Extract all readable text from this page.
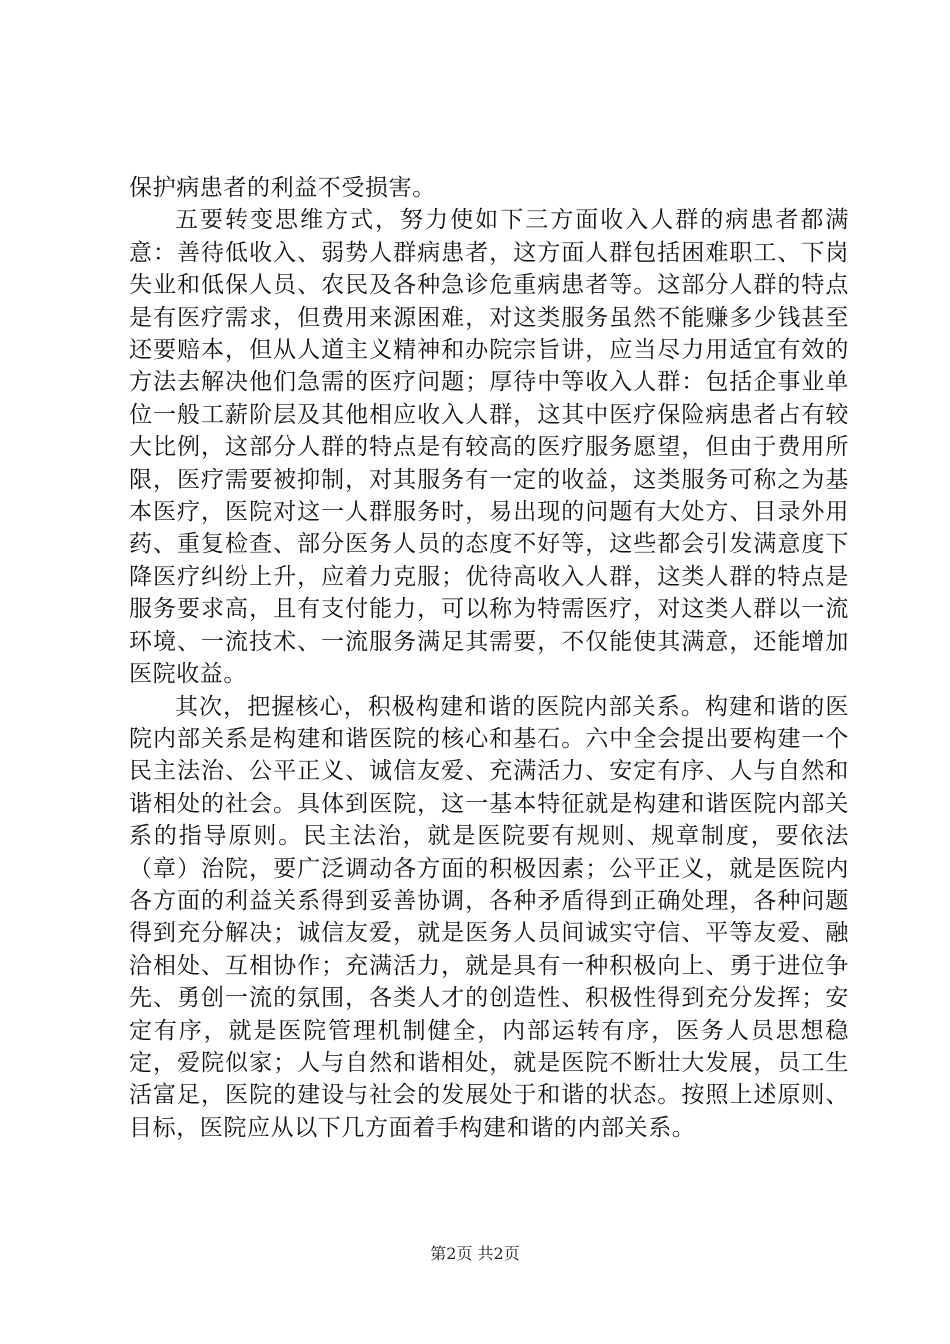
保护病患者的利益不受损害。

五要转变思维方式，努力使如下三方面收入人群的病患者都满意：善待低收入、弱势人群病患者，这方面人群包括困难职工、下岗失业和低保人员、农民及各种急诊危重病患者等。这部分人群的特点是有医疗需求，但费用来源困难，对这类服务虽然不能赚多少钱甚至还要赔本，但从人道主义精神和办院宗旨讲，应当尽力用适宜有效的方法去解决他们急需的医疗问题；厚待中等收入人群：包括企事业单位一般工薪阶层及其他相应收入人群，这其中医疗保险病患者占有较大比例，这部分人群的特点是有较高的医疗服务愿望，但由于费用所限，医疗需要被抑制，对其服务有一定的收益，这类服务可称之为基本医疗，医院对这一人群服务时，易出现的问题有大处方、目录外用药、重复检查、部分医务人员的态度不好等，这些都会引发满意度下降医疗纠纷上升，应着力克服；优待高收入人群，这类人群的特点是服务要求高，且有支付能力，可以称为特需医疗，对这类人群以一流环境、一流技术、一流服务满足其需要，不仅能使其满意，还能增加医院收益。

其次，把握核心，积极构建和谐的医院内部关系。构建和谐的医院内部关系是构建和谐医院的核心和基石。六中全会提出要构建一个民主法治、公平正义、诚信友爱、充满活力、安定有序、人与自然和谐相处的社会。具体到医院，这一基本特征就是构建和谐医院内部关系的指导原则。民主法治，就是医院要有规则、规章制度，要依法（章）治院，要广泛调动各方面的积极因素；公平正义，就是医院内各方面的利益关系得到妥善协调，各种矛盾得到正确处理，各种问题得到充分解决；诚信友爱，就是医务人员间诚实守信、平等友爱、融洽相处、互相协作；充满活力，就是具有一种积极向上、勇于进位争先、勇创一流的氛围，各类人才的创造性、积极性得到充分发挥；安定有序，就是医院管理机制健全，内部运转有序，医务人员思想稳定，爱院似家；人与自然和谐相处，就是医院不断壮大发展，员工生活富足，医院的建设与社会的发展处于和谐的状态。按照上述原则、目标，医院应从以下几方面着手构建和谐的内部关系。

第2页 共2页
